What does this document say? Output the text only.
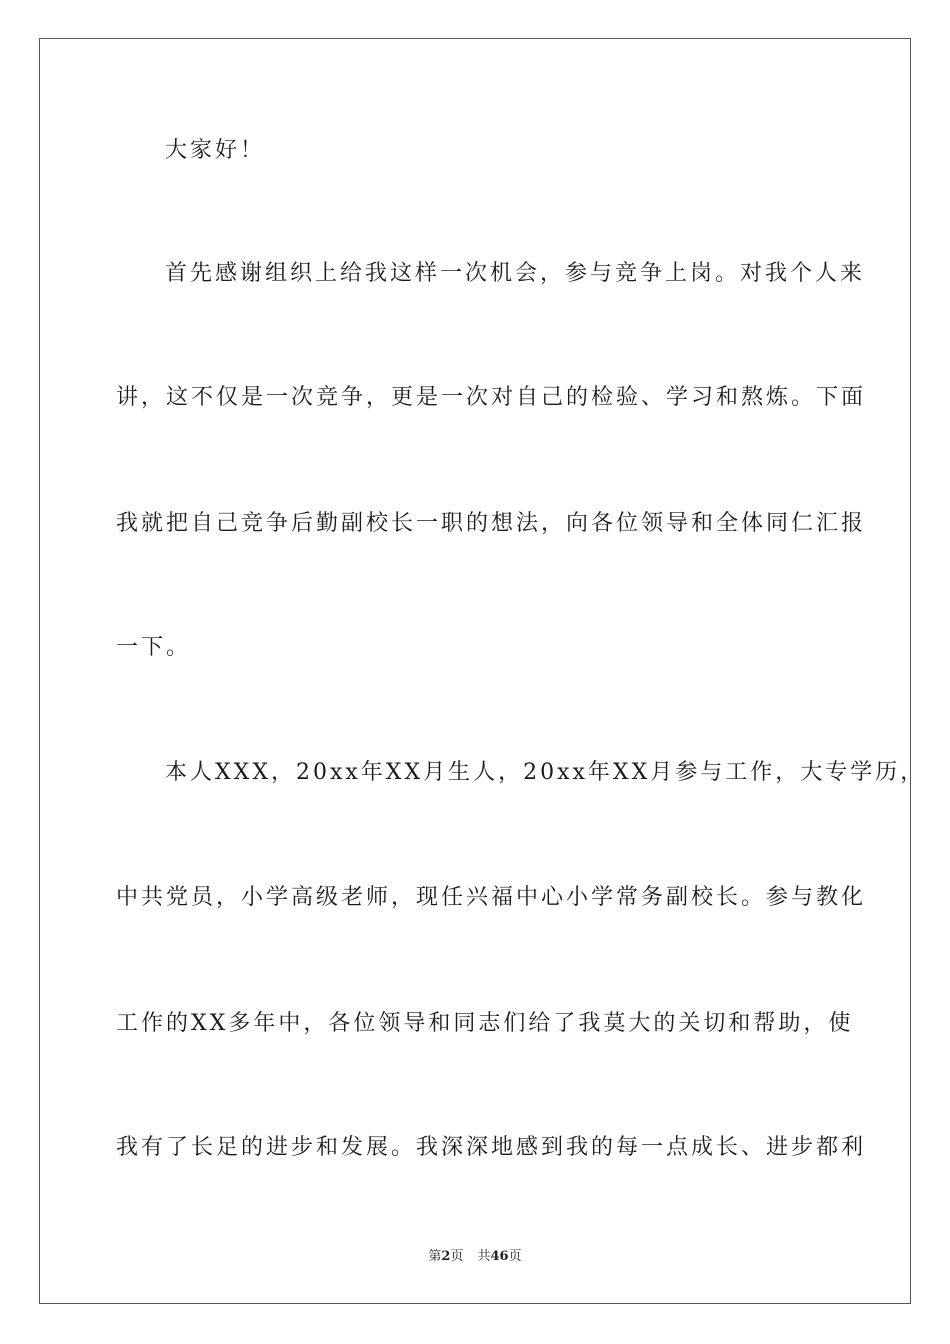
大家好！
首先感谢组织上给我这样一次机会，参与竞争上岗。对我个人来
讲，这不仅是一次竞争，更是一次对自己的检验、学习和熬炼。下面
我就把自己竞争后勤副校长一职的想法，向各位领导和全体同仁汇报
一下。
本人XXX，20xx年XX月生人，20xx年XX月参与工作，大专学历，
中共党员，小学高级老师，现任兴福中心小学常务副校长。参与教化
工作的XX多年中，各位领导和同志们给了我莫大的关切和帮助，使
我有了长足的进步和发展。我深深地感到我的每一点成长、进步都利
第2页 共46页
